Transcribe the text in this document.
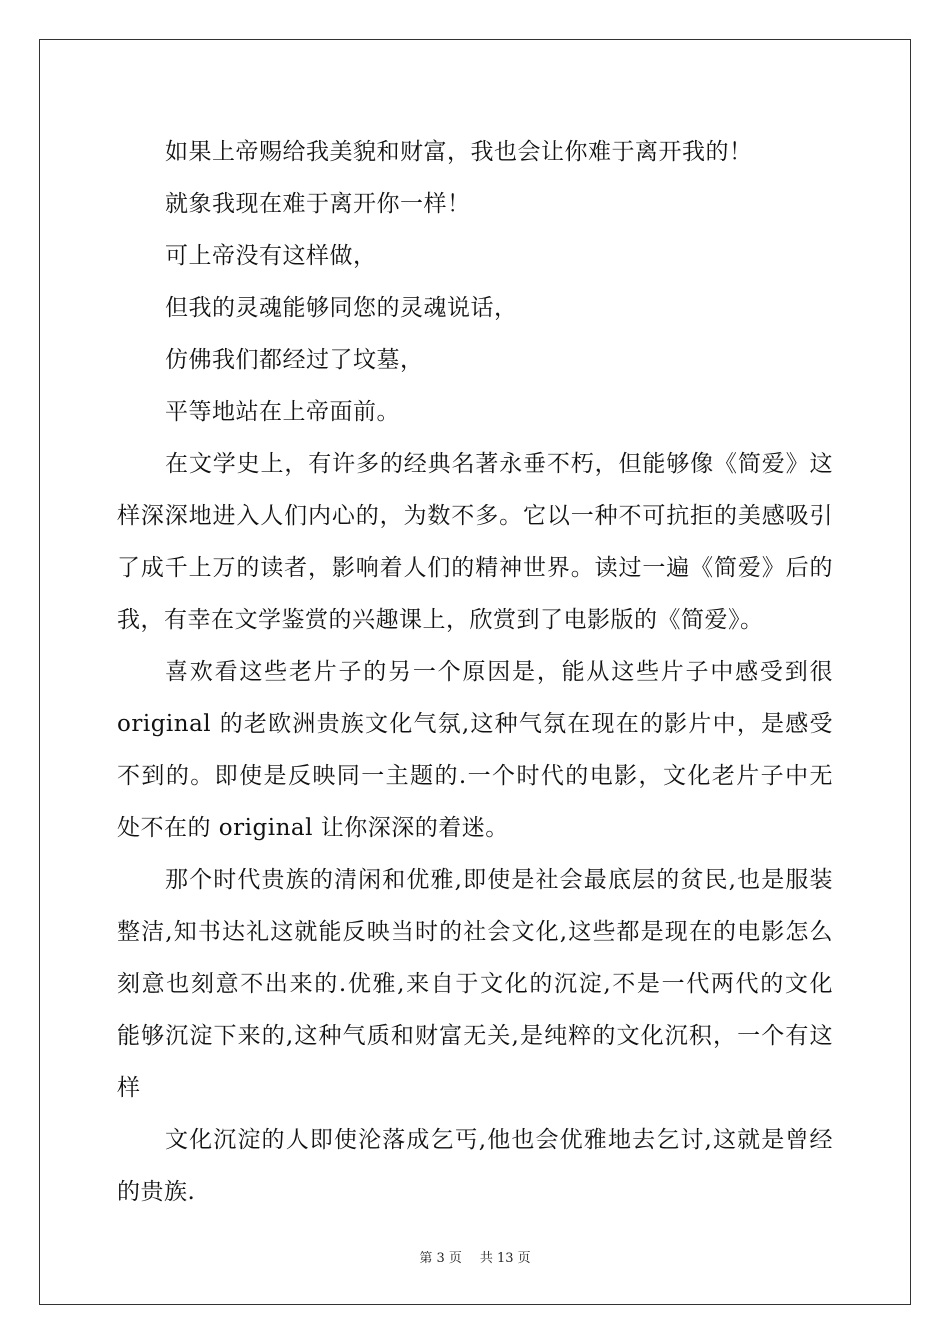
如果上帝赐给我美貌和财富，我也会让你难于离开我的！
就象我现在难于离开你一样！
可上帝没有这样做，
但我的灵魂能够同您的灵魂说话，
仿佛我们都经过了坟墓，
平等地站在上帝面前。
在文学史上，有许多的经典名著永垂不朽，但能够像《简爱》这
样深深地进入人们内心的，为数不多。它以一种不可抗拒的美感吸引
了成千上万的读者，影响着人们的精神世界。读过一遍《简爱》后的
我，有幸在文学鉴赏的兴趣课上，欣赏到了电影版的《简爱》。
喜欢看这些老片子的另一个原因是，能从这些片子中感受到很
original 的老欧洲贵族文化气氛,这种气氛在现在的影片中，是感受
不到的。即使是反映同一主题的.一个时代的电影，文化老片子中无
处不在的 original 让你深深的着迷。
那个时代贵族的清闲和优雅,即使是社会最底层的贫民,也是服装
整洁,知书达礼这就能反映当时的社会文化,这些都是现在的电影怎么
刻意也刻意不出来的.优雅,来自于文化的沉淀,不是一代两代的文化
能够沉淀下来的,这种气质和财富无关,是纯粹的文化沉积，一个有这
样
文化沉淀的人即使沦落成乞丐,他也会优雅地去乞讨,这就是曾经
的贵族.
第 3 页 共 13 页
